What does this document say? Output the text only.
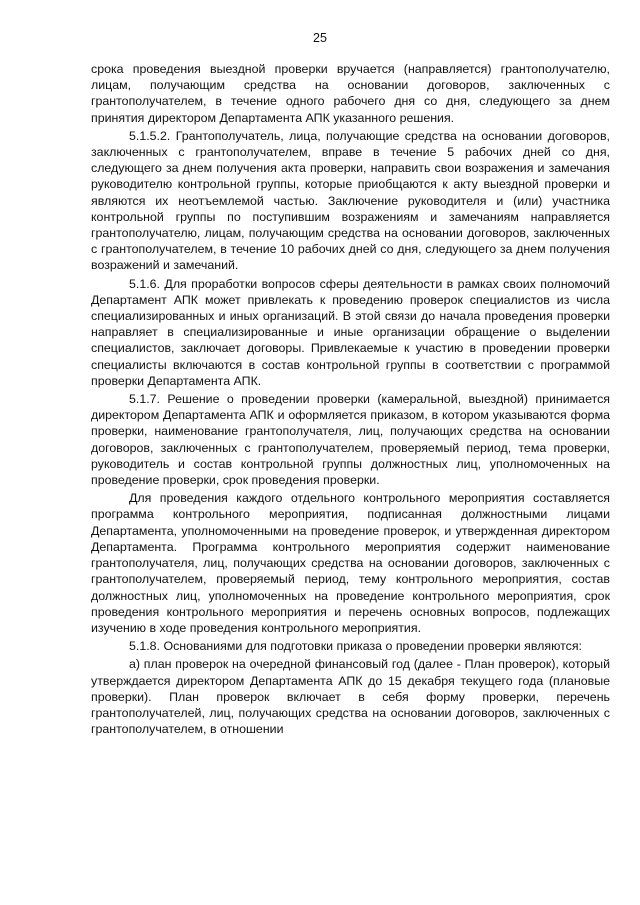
25

срока проведения выездной проверки вручается (направляется) грантополучателю, лицам, получающим средства на основании договоров, заключенных с грантополучателем, в течение одного рабочего дня со дня, следующего за днем принятия директором Департамента АПК указанного решения.

5.1.5.2. Грантополучатель, лица, получающие средства на основании договоров, заключенных с грантополучателем, вправе в течение 5 рабочих дней со дня, следующего за днем получения акта проверки, направить свои возражения и замечания руководителю контрольной группы, которые приобщаются к акту выездной проверки и являются их неотъемлемой частью. Заключение руководителя и (или) участника контрольной группы по поступившим возражениям и замечаниям направляется грантополучателю, лицам, получающим средства на основании договоров, заключенных с грантополучателем, в течение 10 рабочих дней со дня, следующего за днем получения возражений и замечаний.

5.1.6. Для проработки вопросов сферы деятельности в рамках своих полномочий Департамент АПК может привлекать к проведению проверок специалистов из числа специализированных и иных организаций. В этой связи до начала проведения проверки направляет в специализированные и иные организации обращение о выделении специалистов, заключает договоры. Привлекаемые к участию в проведении проверки специалисты включаются в состав контрольной группы в соответствии с программой проверки Департамента АПК.

5.1.7. Решение о проведении проверки (камеральной, выездной) принимается директором Департамента АПК и оформляется приказом, в котором указываются форма проверки, наименование грантополучателя, лиц, получающих средства на основании договоров, заключенных с грантополучателем, проверяемый период, тема проверки, руководитель и состав контрольной группы должностных лиц, уполномоченных на проведение проверки, срок проведения проверки.

Для проведения каждого отдельного контрольного мероприятия составляется программа контрольного мероприятия, подписанная должностными лицами Департамента, уполномоченными на проведение проверок, и утвержденная директором Департамента. Программа контрольного мероприятия содержит наименование грантополучателя, лиц, получающих средства на основании договоров, заключенных с грантополучателем, проверяемый период, тему контрольного мероприятия, состав должностных лиц, уполномоченных на проведение контрольного мероприятия, срок проведения контрольного мероприятия и перечень основных вопросов, подлежащих изучению в ходе проведения контрольного мероприятия.

5.1.8. Основаниями для подготовки приказа о проведении проверки являются:

а) план проверок на очередной финансовый год (далее - План проверок), который утверждается директором Департамента АПК до 15 декабря текущего года (плановые проверки). План проверок включает в себя форму проверки, перечень грантополучателей, лиц, получающих средства на основании договоров, заключенных с грантополучателем, в отношении
